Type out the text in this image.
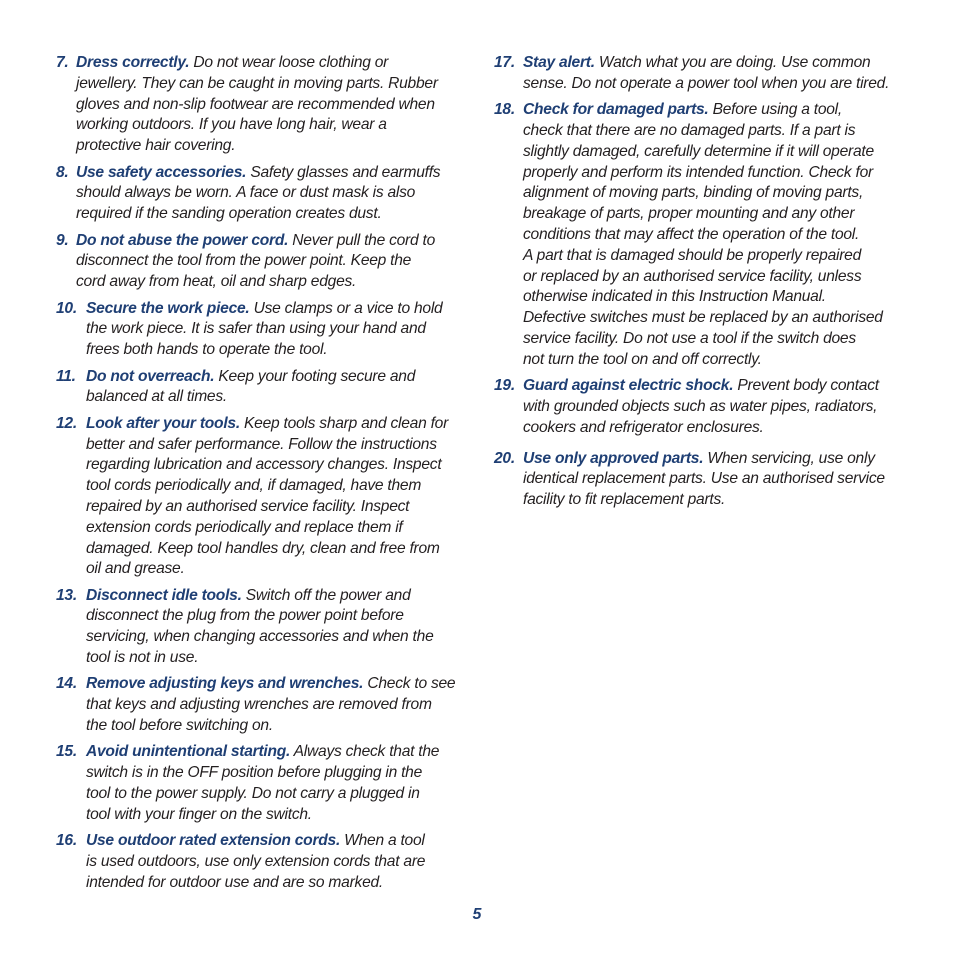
7. Dress correctly. Do not wear loose clothing or
jewellery. They can be caught in moving parts. Rubber
gloves and non-slip footwear are recommended when
working outdoors. If you have long hair, wear a
protective hair covering.
8. Use safety accessories. Safety glasses and earmuffs
should always be worn. A face or dust mask is also
required if the sanding operation creates dust.
9. Do not abuse the power cord. Never pull the cord to
disconnect the tool from the power point. Keep the
cord away from heat, oil and sharp edges.
10. Secure the work piece. Use clamps or a vice to hold
the work piece. It is safer than using your hand and
frees both hands to operate the tool.
11. Do not overreach. Keep your footing secure and
balanced at all times.
12. Look after your tools. Keep tools sharp and clean for
better and safer performance. Follow the instructions
regarding lubrication and accessory changes. Inspect
tool cords periodically and, if damaged, have them
repaired by an authorised service facility. Inspect
extension cords periodically and replace them if
damaged. Keep tool handles dry, clean and free from
oil and grease.
13. Disconnect idle tools. Switch off the power and
disconnect the plug from the power point before
servicing, when changing accessories and when the
tool is not in use.
14. Remove adjusting keys and wrenches. Check to see
that keys and adjusting wrenches are removed from
the tool before switching on.
15. Avoid unintentional starting. Always check that the
switch is in the OFF position before plugging in the
tool to the power supply. Do not carry a plugged in
tool with your finger on the switch.
16. Use outdoor rated extension cords. When a tool
is used outdoors, use only extension cords that are
intended for outdoor use and are so marked.
17. Stay alert. Watch what you are doing. Use common
sense. Do not operate a power tool when you are tired.
18. Check for damaged parts. Before using a tool,
check that there are no damaged parts. If a part is
slightly damaged, carefully determine if it will operate
properly and perform its intended function. Check for
alignment of moving parts, binding of moving parts,
breakage of parts, proper mounting and any other
conditions that may affect the operation of the tool.
A part that is damaged should be properly repaired
or replaced by an authorised service facility, unless
otherwise indicated in this Instruction Manual.
Defective switches must be replaced by an authorised
service facility. Do not use a tool if the switch does
not turn the tool on and off correctly.
19. Guard against electric shock. Prevent body contact
with grounded objects such as water pipes, radiators,
cookers and refrigerator enclosures.
20. Use only approved parts. When servicing, use only
identical replacement parts. Use an authorised service
facility to fit replacement parts.
5
